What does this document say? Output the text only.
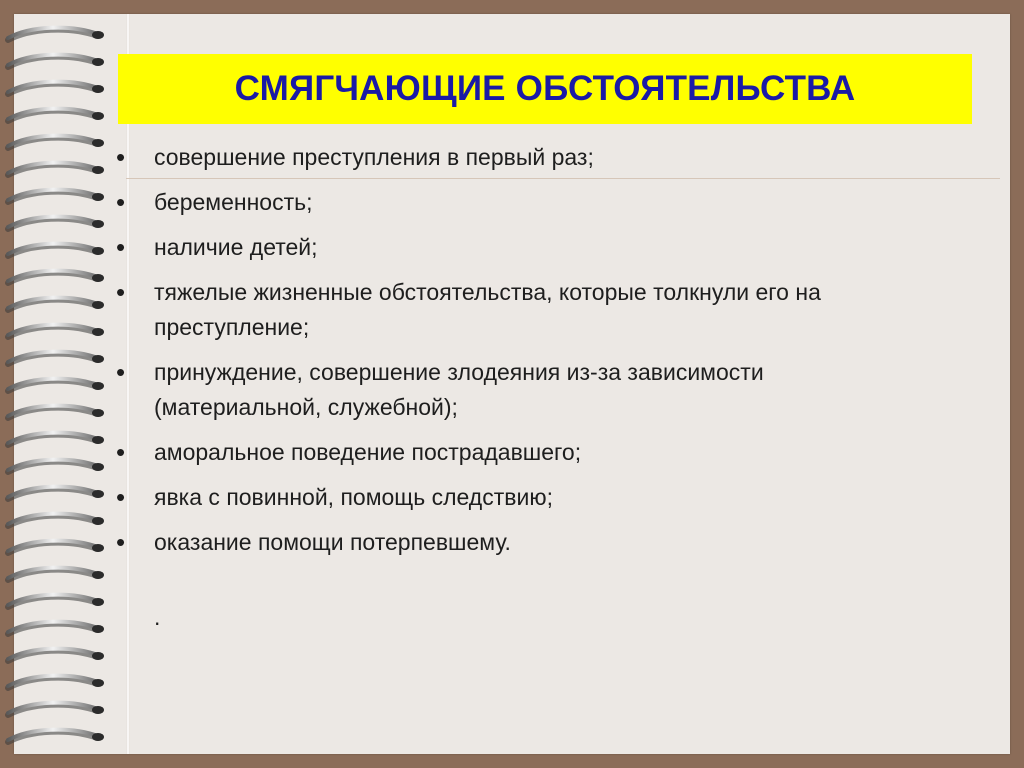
СМЯГЧАЮЩИЕ ОБСТОЯТЕЛЬСТВА
• совершение преступления в первый раз;
• беременность;
• наличие детей;
• тяжелые жизненные обстоятельства, которые толкнули его на преступление;
• принуждение, совершение злодеяния из-за зависимости (материальной, служебной);
• аморальное поведение пострадавшего;
• явка с повинной, помощь следствию;
• оказание помощи потерпевшему.
.
